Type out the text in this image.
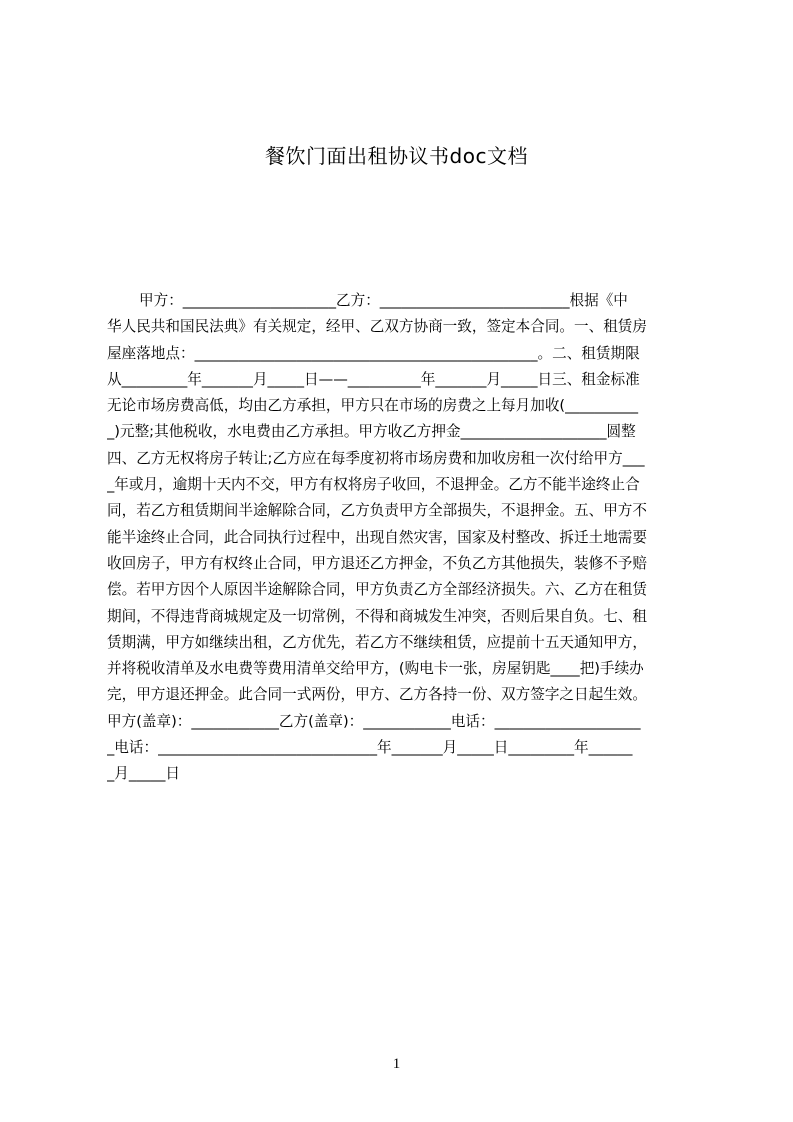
餐饮门面出租协议书doc文档
甲方：_____________________乙方：__________________________根据《中
华人民共和国民法典》有关规定，经甲、乙双方协商一致，签定本合同。一、租赁房
屋座落地点：_______________________________________________。二、租赁期限
从_________年_______月_____日——__________年_______月_____日三、租金标准
无论市场房费高低，均由乙方承担，甲方只在市场的房费之上每月加收(__________
_)元整;其他税收，水电费由乙方承担。甲方收乙方押金____________________圆整
四、乙方无权将房子转让;乙方应在每季度初将市场房费和加收房租一次付给甲方___
_年或月，逾期十天内不交，甲方有权将房子收回，不退押金。乙方不能半途终止合
同，若乙方租赁期间半途解除合同，乙方负责甲方全部损失，不退押金。五、甲方不
能半途终止合同，此合同执行过程中，出现自然灾害，国家及村整改、拆迁土地需要
收回房子，甲方有权终止合同，甲方退还乙方押金，不负乙方其他损失，装修不予赔
偿。若甲方因个人原因半途解除合同，甲方负责乙方全部经济损失。六、乙方在租赁
期间，不得违背商城规定及一切常例，不得和商城发生冲突，否则后果自负。七、租
赁期满，甲方如继续出租，乙方优先，若乙方不继续租赁，应提前十五天通知甲方，
并将税收清单及水电费等费用清单交给甲方，(购电卡一张，房屋钥匙____把)手续办
完，甲方退还押金。此合同一式两份，甲方、乙方各持一份、双方签字之日起生效。
甲方(盖章)：____________乙方(盖章)：____________电话：____________________
_电话：______________________________年_______月_____日_________年______
_月_____日
1
